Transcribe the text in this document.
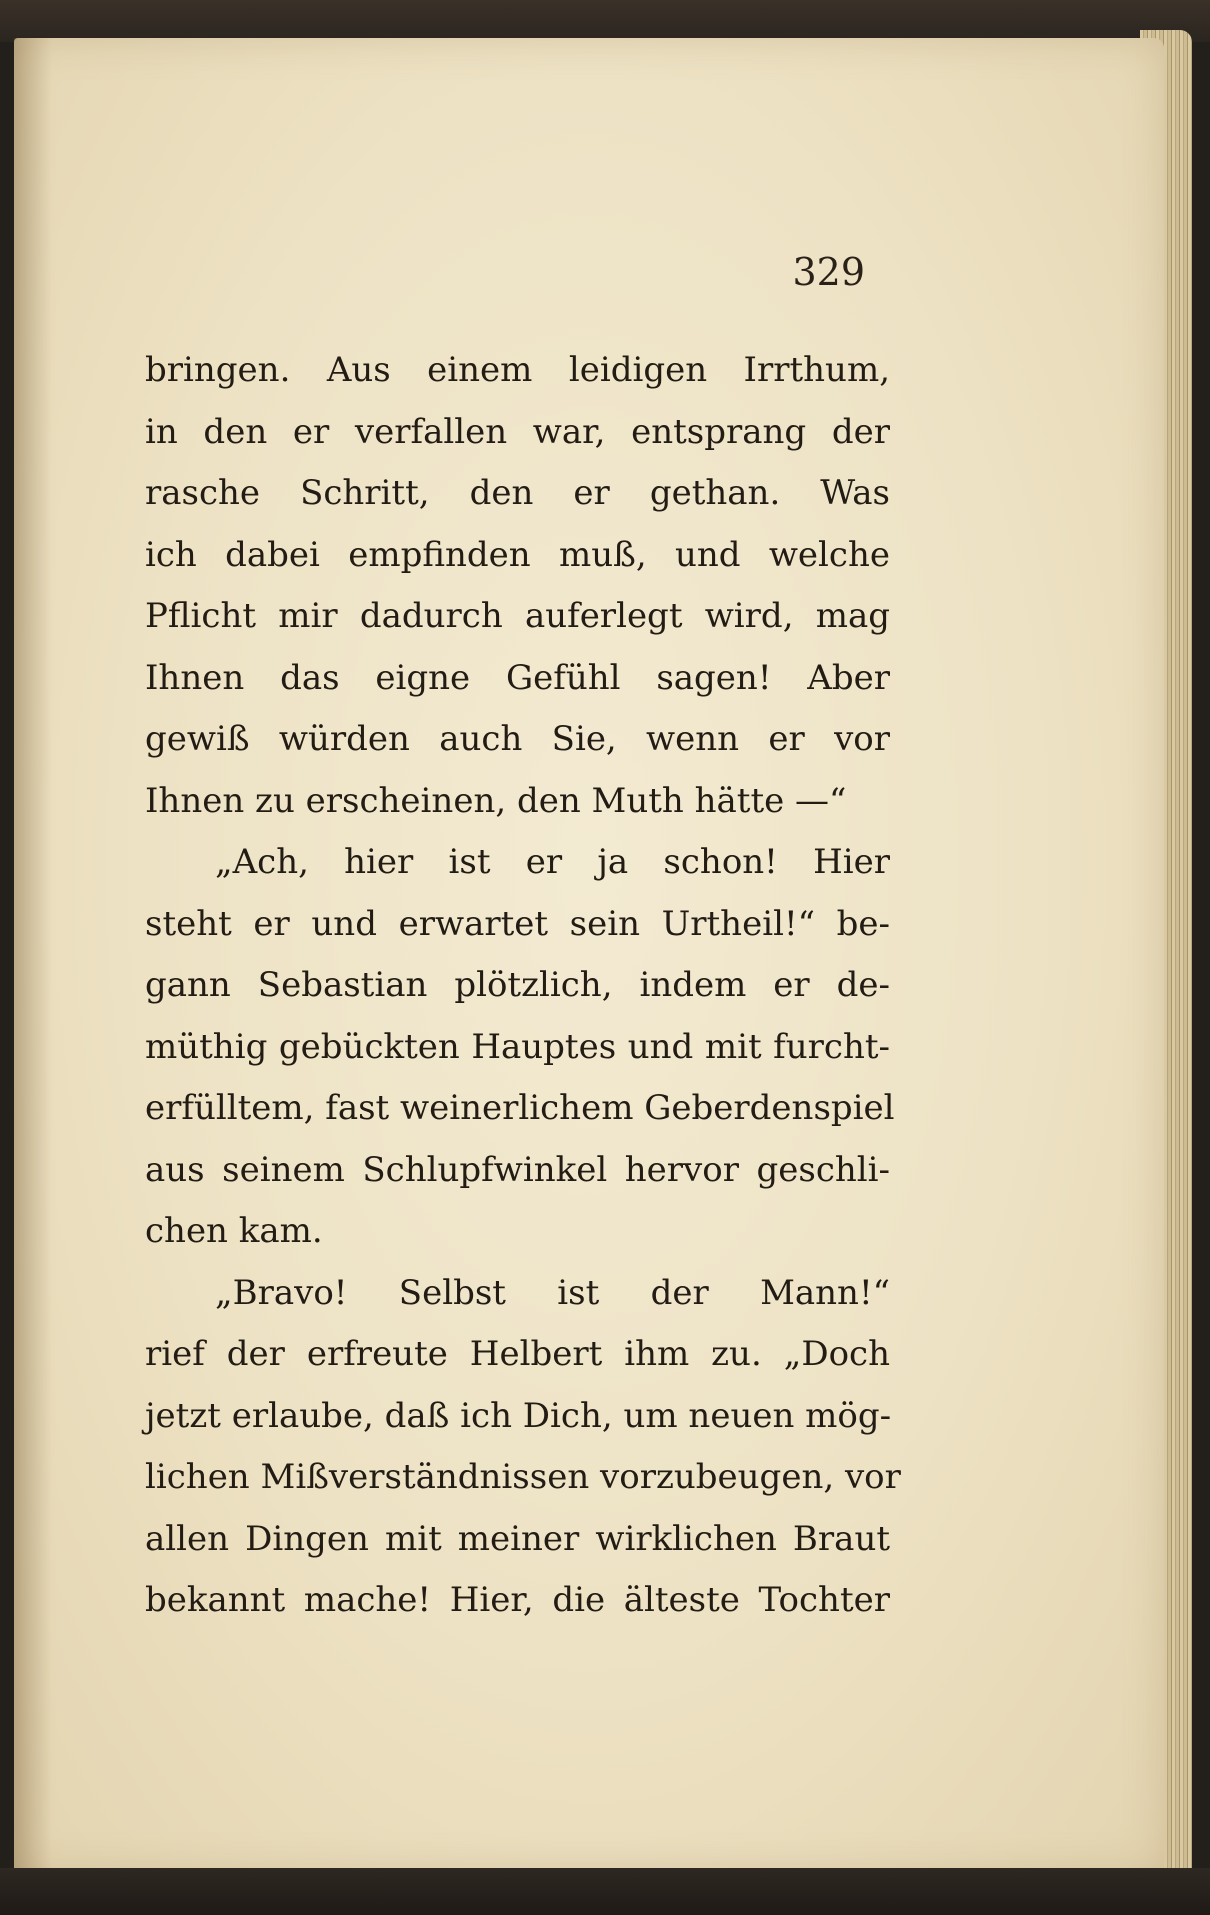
329
bringen. Aus einem leidigen Irrthum,
in den er verfallen war, entsprang der
rasche Schritt, den er gethan. Was
ich dabei empfinden muß, und welche
Pflicht mir dadurch auferlegt wird, mag
Ihnen das eigne Gefühl sagen! Aber
gewiß würden auch Sie, wenn er vor
Ihnen zu erscheinen, den Muth hätte —“
„Ach, hier ist er ja schon! Hier
steht er und erwartet sein Urtheil!“ be-
gann Sebastian plötzlich, indem er de-
müthig gebückten Hauptes und mit furcht-
erfülltem, fast weinerlichem Geberdenspiel
aus seinem Schlupfwinkel hervor geschli-
chen kam.
„Bravo! Selbst ist der Mann!“
rief der erfreute Helbert ihm zu. „Doch
jetzt erlaube, daß ich Dich, um neuen mög-
lichen Mißverständnissen vorzubeugen, vor
allen Dingen mit meiner wirklichen Braut
bekannt mache! Hier, die älteste Tochter
